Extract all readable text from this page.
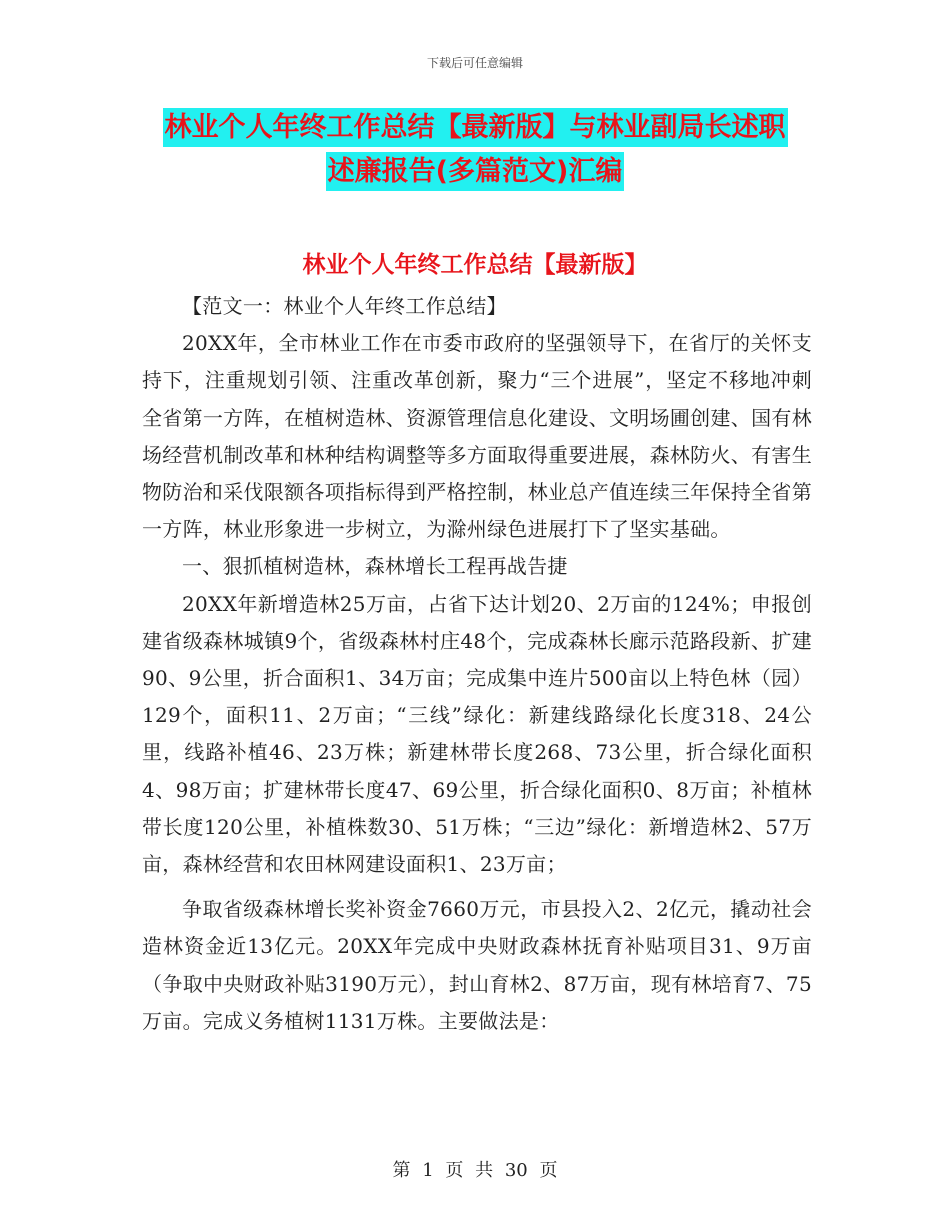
下载后可任意编辑
林业个人年终工作总结【最新版】与林业副局长述职
述廉报告(多篇范文)汇编
林业个人年终工作总结【最新版】

【范文一：林业个人年终工作总结】

20XX年，全市林业工作在市委市政府的坚强领导下，在省厅的关怀支持下，注重规划引领、注重改革创新，聚力“三个进展”，坚定不移地冲刺全省第一方阵，在植树造林、资源管理信息化建设、文明场圃创建、国有林场经营机制改革和林种结构调整等多方面取得重要进展，森林防火、有害生物防治和采伐限额各项指标得到严格控制，林业总产值连续三年保持全省第一方阵，林业形象进一步树立，为滁州绿色进展打下了坚实基础。

一、狠抓植树造林，森林增长工程再战告捷

20XX年新增造林25万亩，占省下达计划20、2万亩的124%；申报创建省级森林城镇9个，省级森林村庄48个，完成森林长廊示范路段新、扩建90、9公里，折合面积1、34万亩；完成集中连片500亩以上特色林（园）129个，面积11、2万亩；“三线”绿化：新建线路绿化长度318、24公里，线路补植46、23万株；新建林带长度268、73公里，折合绿化面积4、98万亩；扩建林带长度47、69公里，折合绿化面积0、8万亩；补植林带长度120公里，补植株数30、51万株；“三边”绿化：新增造林2、57万亩，森林经营和农田林网建设面积1、23万亩；

争取省级森林增长奖补资金7660万元，市县投入2、2亿元，撬动社会造林资金近13亿元。20XX年完成中央财政森林抚育补贴项目31、9万亩（争取中央财政补贴3190万元），封山育林2、87万亩，现有林培育7、75万亩。完成义务植树1131万株。主要做法是：

第 1 页 共 30 页
